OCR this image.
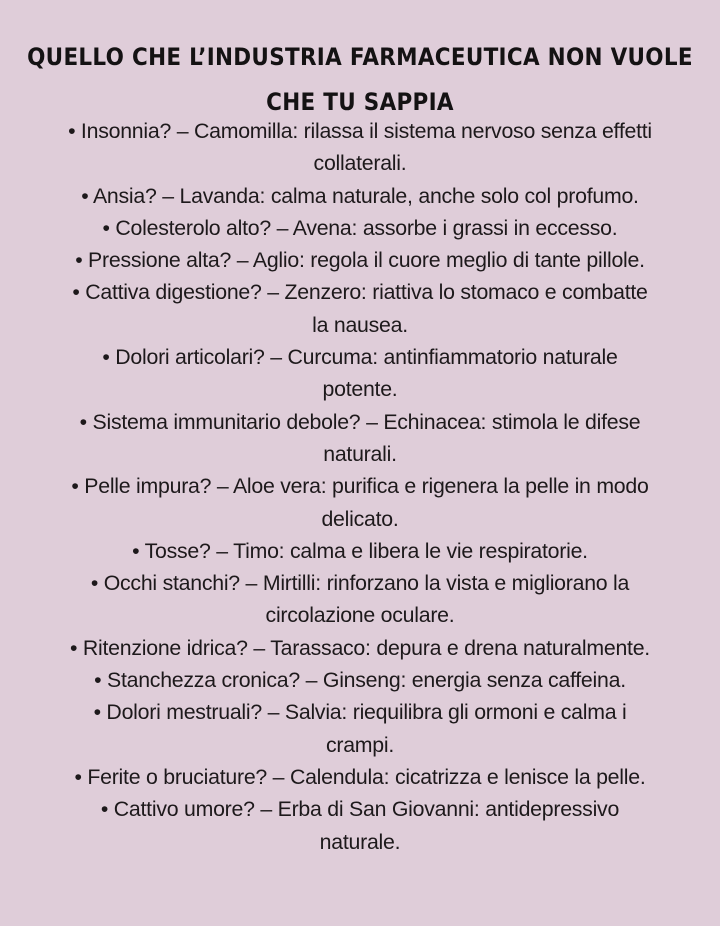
QUELLO CHE L’INDUSTRIA FARMACEUTICA NON VUOLE
CHE TU SAPPIA
• Insonnia? – Camomilla: rilassa il sistema nervoso senza effetti
collaterali.
• Ansia? – Lavanda: calma naturale, anche solo col profumo.
• Colesterolo alto? – Avena: assorbe i grassi in eccesso.
• Pressione alta? – Aglio: regola il cuore meglio di tante pillole.
• Cattiva digestione? – Zenzero: riattiva lo stomaco e combatte
la nausea.
• Dolori articolari? – Curcuma: antinfiammatorio naturale
potente.
• Sistema immunitario debole? – Echinacea: stimola le difese
naturali.
• Pelle impura? – Aloe vera: purifica e rigenera la pelle in modo
delicato.
• Tosse? – Timo: calma e libera le vie respiratorie.
• Occhi stanchi? – Mirtilli: rinforzano la vista e migliorano la
circolazione oculare.
• Ritenzione idrica? – Tarassaco: depura e drena naturalmente.
• Stanchezza cronica? – Ginseng: energia senza caffeina.
• Dolori mestruali? – Salvia: riequilibra gli ormoni e calma i
crampi.
• Ferite o bruciature? – Calendula: cicatrizza e lenisce la pelle.
• Cattivo umore? – Erba di San Giovanni: antidepressivo
naturale.
